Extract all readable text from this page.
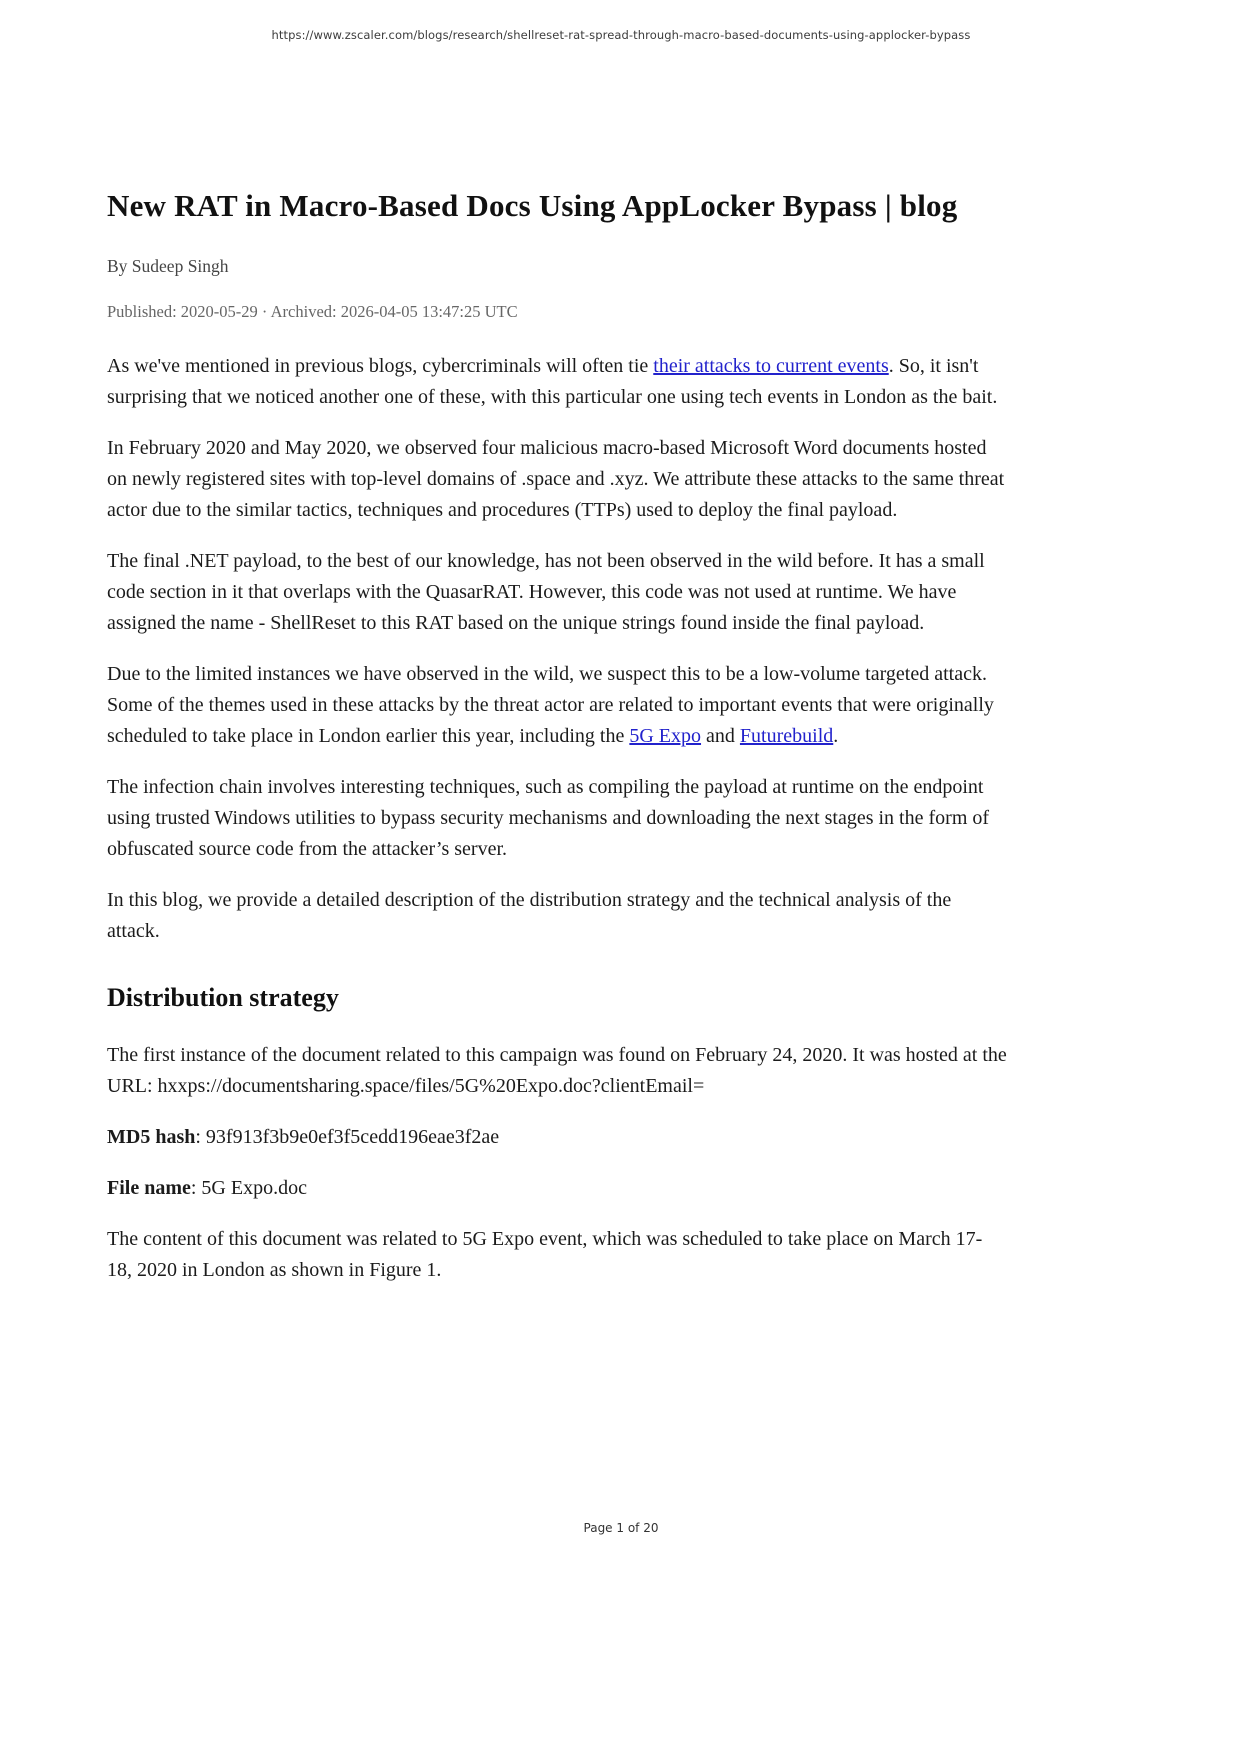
https://www.zscaler.com/blogs/research/shellreset-rat-spread-through-macro-based-documents-using-applocker-bypass
New RAT in Macro-Based Docs Using AppLocker Bypass | blog

By Sudeep Singh

Published: 2020-05-29 · Archived: 2026-04-05 13:47:25 UTC

As we've mentioned in previous blogs, cybercriminals will often tie their attacks to current events. So, it isn't surprising that we noticed another one of these, with this particular one using tech events in London as the bait.

In February 2020 and May 2020, we observed four malicious macro-based Microsoft Word documents hosted on newly registered sites with top-level domains of .space and .xyz. We attribute these attacks to the same threat actor due to the similar tactics, techniques and procedures (TTPs) used to deploy the final payload.

The final .NET payload, to the best of our knowledge, has not been observed in the wild before. It has a small code section in it that overlaps with the QuasarRAT. However, this code was not used at runtime. We have assigned the name - ShellReset to this RAT based on the unique strings found inside the final payload.

Due to the limited instances we have observed in the wild, we suspect this to be a low-volume targeted attack. Some of the themes used in these attacks by the threat actor are related to important events that were originally scheduled to take place in London earlier this year, including the 5G Expo and Futurebuild.

The infection chain involves interesting techniques, such as compiling the payload at runtime on the endpoint using trusted Windows utilities to bypass security mechanisms and downloading the next stages in the form of obfuscated source code from the attacker’s server.

In this blog, we provide a detailed description of the distribution strategy and the technical analysis of the attack.

Distribution strategy

The first instance of the document related to this campaign was found on February 24, 2020. It was hosted at the URL: hxxps://documentsharing.space/files/5G%20Expo.doc?clientEmail=

MD5 hash: 93f913f3b9e0ef3f5cedd196eae3f2ae

File name: 5G Expo.doc

The content of this document was related to 5G Expo event, which was scheduled to take place on March 17-18, 2020 in London as shown in Figure 1.

Page 1 of 20
